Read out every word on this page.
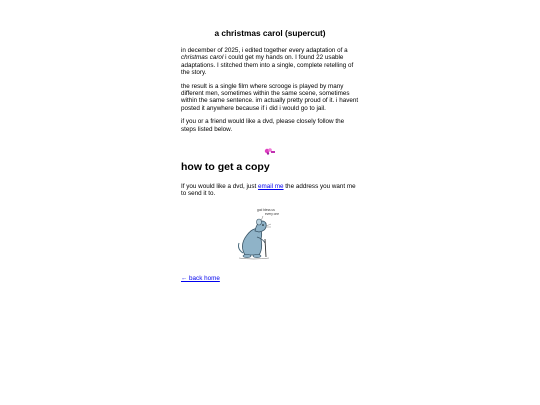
a christmas carol (supercut)

in december of 2025, i edited together every adaptation of a christmas carol i could get my hands on. I found 22 usable adaptations. I stitched them into a single, complete retelling of the story.

the result is a single film where scrooge is played by many different men, sometimes within the same scene, sometimes within the same sentence. im actually pretty proud of it. i havent posted it anywhere because if i did i would go to jail.

if you or a friend would like a dvd, please closely follow the steps listed below.

how to get a copy

If you would like a dvd, just email me the address you want me to send it to.

god bless us
every one
← back home
